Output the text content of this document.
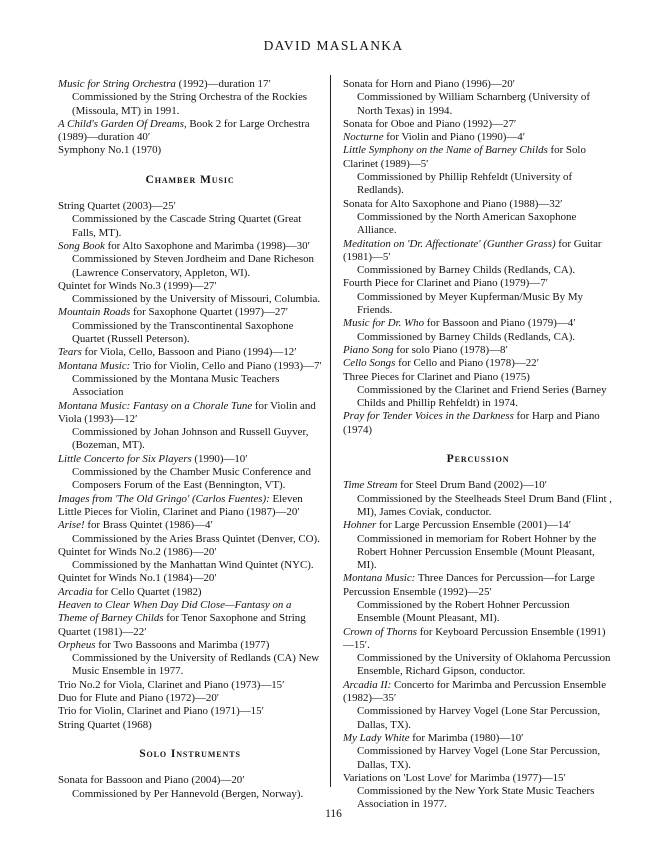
DAVID MASLANKA
Music for String Orchestra (1992)—duration 17′
Commissioned by the String Orchestra of the Rockies (Missoula, MT) in 1991.
A Child's Garden Of Dreams, Book 2 for Large Orchestra (1989)—duration 40′
Symphony No.1 (1970)
Chamber Music
String Quartet (2003)—25′
Commissioned by the Cascade String Quartet (Great Falls, MT).
Song Book for Alto Saxophone and Marimba (1998)—30′
Commissioned by Steven Jordheim and Dane Richeson (Lawrence Conservatory, Appleton, WI).
Quintet for Winds No.3 (1999)—27′
Commissioned by the University of Missouri, Columbia.
Mountain Roads for Saxophone Quartet (1997)—27′
Commissioned by the Transcontinental Saxophone Quartet (Russell Peterson).
Tears for Viola, Cello, Bassoon and Piano (1994)—12′
Montana Music: Trio for Violin, Cello and Piano (1993)—7′
Commissioned by the Montana Music Teachers Association
Montana Music: Fantasy on a Chorale Tune for Violin and Viola (1993)—12′
Commissioned by Johan Johnson and Russell Guyver, (Bozeman, MT).
Little Concerto for Six Players (1990)—10′
Commissioned by the Chamber Music Conference and Composers Forum of the East (Bennington, VT).
Images from 'The Old Gringo' (Carlos Fuentes): Eleven Little Pieces for Violin, Clarinet and Piano (1987)—20′
Arise! for Brass Quintet (1986)—4′
Commissioned by the Aries Brass Quintet (Denver, CO).
Quintet for Winds No.2 (1986)—20′
Commissioned by the Manhattan Wind Quintet (NYC).
Quintet for Winds No.1 (1984)—20′
Arcadia for Cello Quartet (1982)
Heaven to Clear When Day Did Close—Fantasy on a Theme of Barney Childs for Tenor Saxophone and String Quartet (1981)—22′
Orpheus for Two Bassoons and Marimba (1977)
Commissioned by the University of Redlands (CA) New Music Ensemble in 1977.
Trio No.2 for Viola, Clarinet and Piano (1973)—15′
Duo for Flute and Piano (1972)—20′
Trio for Violin, Clarinet and Piano (1971)—15′
String Quartet (1968)
Solo Instruments
Sonata for Bassoon and Piano (2004)—20′
Commissioned by Per Hannevold (Bergen, Norway).
Sonata for Horn and Piano (1996)—20′
Commissioned by William Scharnberg (University of North Texas) in 1994.
Sonata for Oboe and Piano (1992)—27′
Nocturne for Violin and Piano (1990)—4′
Little Symphony on the Name of Barney Childs for Solo Clarinet (1989)—5′
Commissioned by Phillip Rehfeldt (University of Redlands).
Sonata for Alto Saxophone and Piano (1988)—32′
Commissioned by the North American Saxophone Alliance.
Meditation on 'Dr. Affectionate' (Gunther Grass) for Guitar (1981)—5′
Commissioned by Barney Childs (Redlands, CA).
Fourth Piece for Clarinet and Piano (1979)—7′
Commissioned by Meyer Kupferman/Music By My Friends.
Music for Dr. Who for Bassoon and Piano (1979)—4′
Commissioned by Barney Childs (Redlands, CA).
Piano Song for solo Piano (1978)—8′
Cello Songs for Cello and Piano (1978)—22′
Three Pieces for Clarinet and Piano (1975)
Commissioned by the Clarinet and Friend Series (Barney Childs and Phillip Rehfeldt) in 1974.
Pray for Tender Voices in the Darkness for Harp and Piano (1974)
Percussion
Time Stream for Steel Drum Band (2002)—10′
Commissioned by the Steelheads Steel Drum Band (Flint , MI), James Coviak, conductor.
Hohner for Large Percussion Ensemble (2001)—14′
Commissioned in memoriam for Robert Hohner by the Robert Hohner Percussion Ensemble (Mount Pleasant, MI).
Montana Music: Three Dances for Percussion—for Large Percussion Ensemble (1992)—25′
Commissioned by the Robert Hohner Percussion Ensemble (Mount Pleasant, MI).
Crown of Thorns for Keyboard Percussion Ensemble (1991)—15′.
Commissioned by the University of Oklahoma Percussion Ensemble, Richard Gipson, conductor.
Arcadia II: Concerto for Marimba and Percussion Ensemble (1982)—35′
Commissioned by Harvey Vogel (Lone Star Percussion, Dallas, TX).
My Lady White for Marimba (1980)—10′
Commissioned by Harvey Vogel (Lone Star Percussion, Dallas, TX).
Variations on 'Lost Love' for Marimba (1977)—15′
Commissioned by the New York State Music Teachers Association in 1977.
116
